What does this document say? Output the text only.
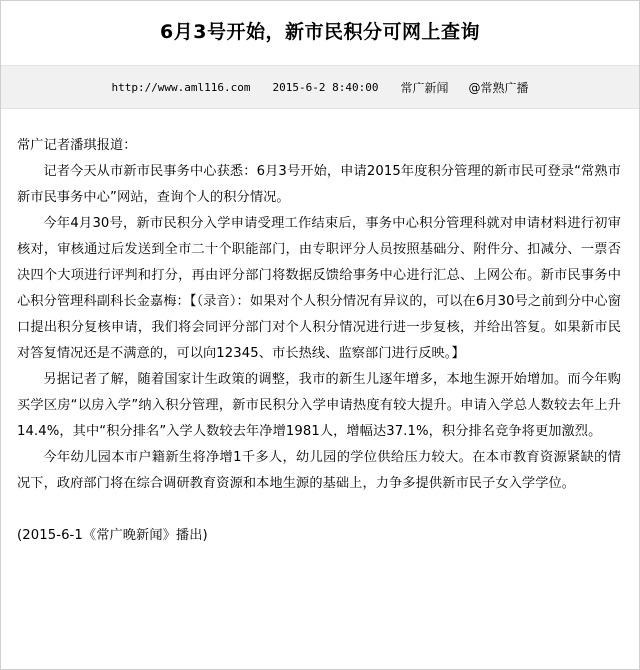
6月3号开始，新市民积分可网上查询
http://www.aml116.com 2015-6-2 8:40:00 常广新闻 @常熟广播

常广记者潘琪报道：

记者今天从市新市民事务中心获悉：6月3号开始，申请2015年度积分管理的新市民可登录“常熟市新市民事务中心”网站，查询个人的积分情况。

今年4月30号，新市民积分入学申请受理工作结束后，事务中心积分管理科就对申请材料进行初审核对，审核通过后发送到全市二十个职能部门，由专职评分人员按照基础分、附件分、扣减分、一票否决四个大项进行评判和打分，再由评分部门将数据反馈给事务中心进行汇总、上网公布。新市民事务中心积分管理科副科长金嘉梅：【（录音）：如果对个人积分情况有异议的，可以在6月30号之前到分中心窗口提出积分复核申请，我们将会同评分部门对个人积分情况进行进一步复核，并给出答复。如果新市民对答复情况还是不满意的，可以向12345、市长热线、监察部门进行反映。】

另据记者了解，随着国家计生政策的调整，我市的新生儿逐年增多，本地生源开始增加。而今年购买学区房“以房入学”纳入积分管理，新市民积分入学申请热度有较大提升。申请入学总人数较去年上升14.4%，其中“积分排名”入学人数较去年净增1981人，增幅达37.1%，积分排名竞争将更加激烈。

今年幼儿园本市户籍新生将净增1千多人，幼儿园的学位供给压力较大。在本市教育资源紧缺的情况下，政府部门将在综合调研教育资源和本地生源的基础上，力争多提供新市民子女入学学位。

(2015-6-1《常广晚新闻》播出)
